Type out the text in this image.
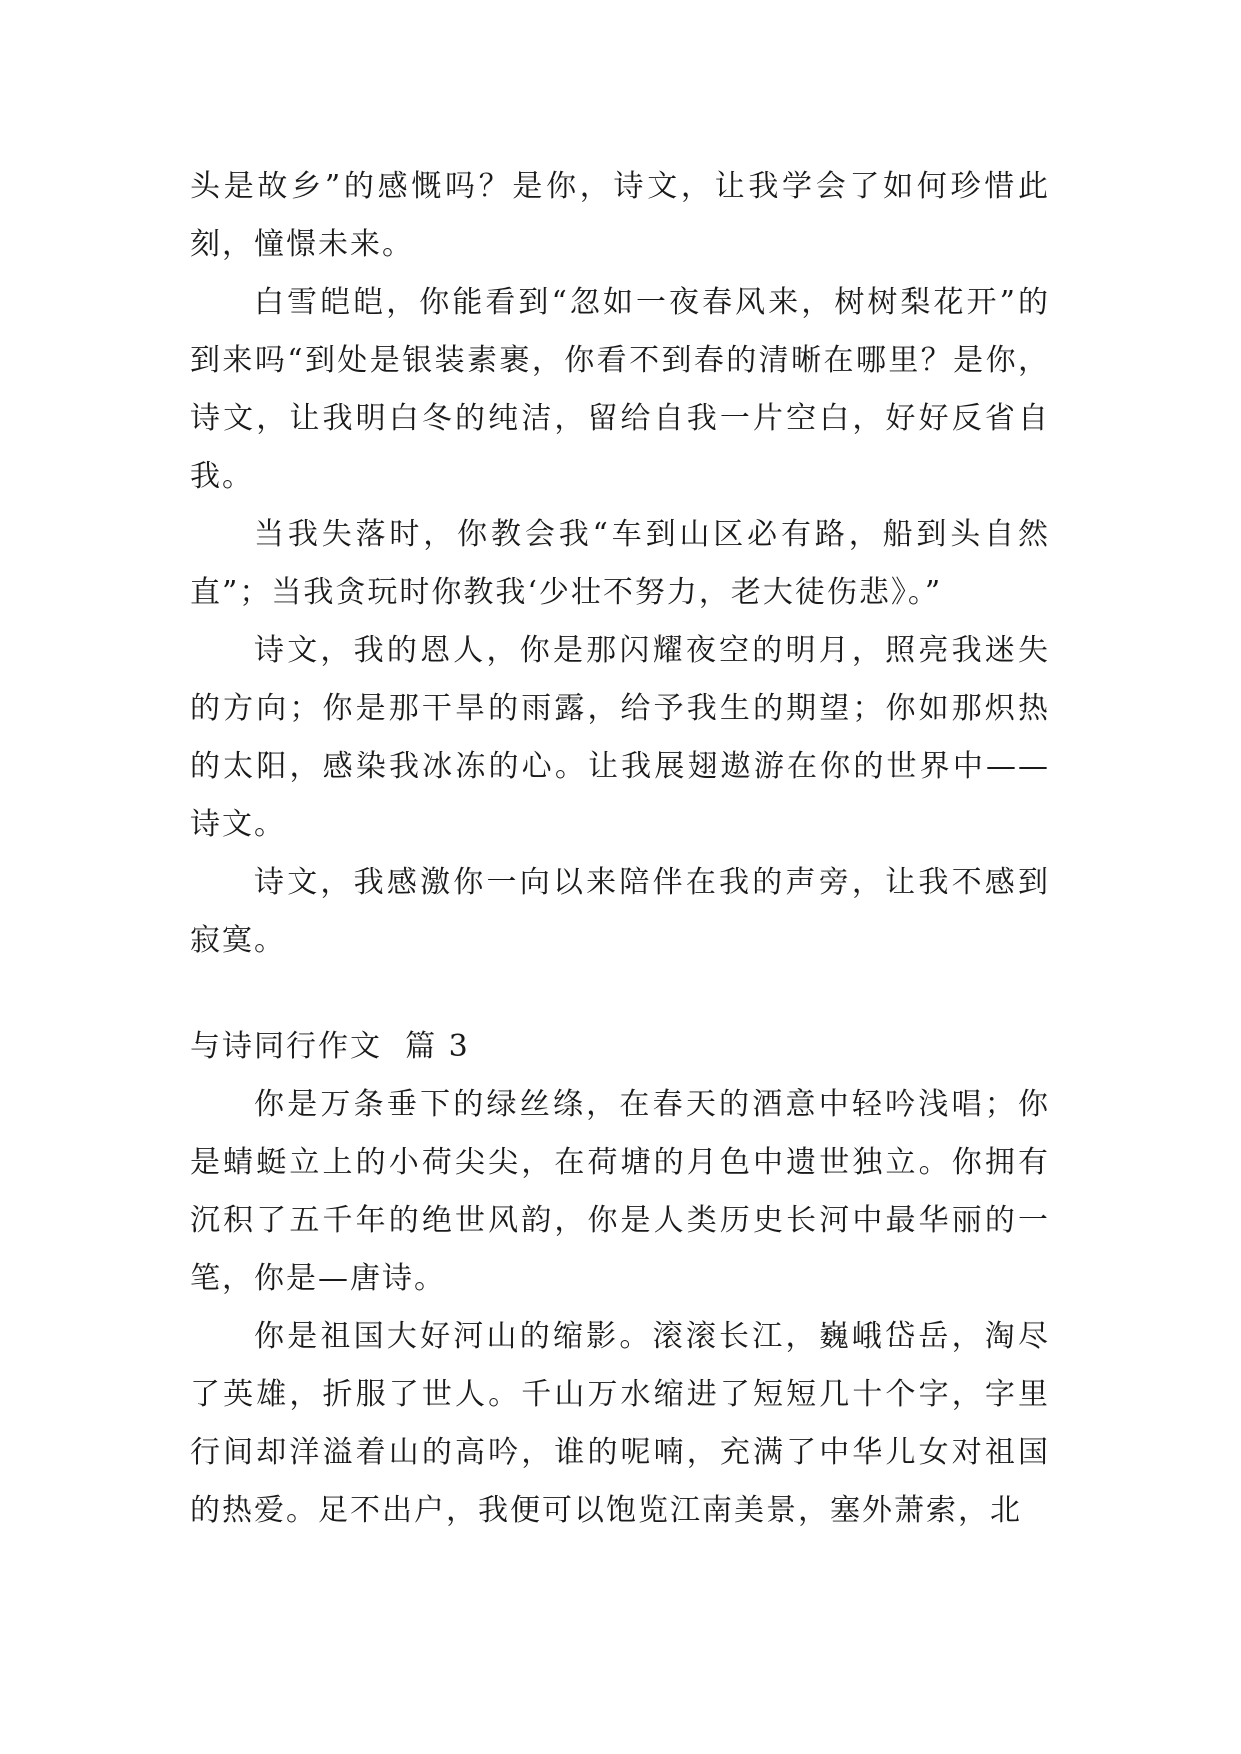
头是故乡”的感慨吗？是你，诗文，让我学会了如何珍惜此刻，憧憬未来。

白雪皑皑，你能看到“忽如一夜春风来，树树梨花开”的到来吗“到处是银装素裹，你看不到春的清晰在哪里？是你，诗文，让我明白冬的纯洁，留给自我一片空白，好好反省自我。

当我失落时，你教会我“车到山区必有路，船到头自然直”；当我贪玩时你教我‘少壮不努力，老大徒伤悲》。”

诗文，我的恩人，你是那闪耀夜空的明月，照亮我迷失的方向；你是那干旱的雨露，给予我生的期望；你如那炽热的太阳，感染我冰冻的心。让我展翅遨游在你的世界中——诗文。

诗文，我感激你一向以来陪伴在我的声旁，让我不感到寂寞。

与诗同行作文  篇 3

你是万条垂下的绿丝绦，在春天的酒意中轻吟浅唱；你是蜻蜓立上的小荷尖尖，在荷塘的月色中遗世独立。你拥有沉积了五千年的绝世风韵，你是人类历史长河中最华丽的一笔，你是—唐诗。

你是祖国大好河山的缩影。滚滚长江，巍峨岱岳，淘尽了英雄，折服了世人。千山万水缩进了短短几十个字，字里行间却洋溢着山的高吟，谁的呢喃，充满了中华儿女对祖国的热爱。足不出户，我便可以饱览江南美景，塞外萧索，北
